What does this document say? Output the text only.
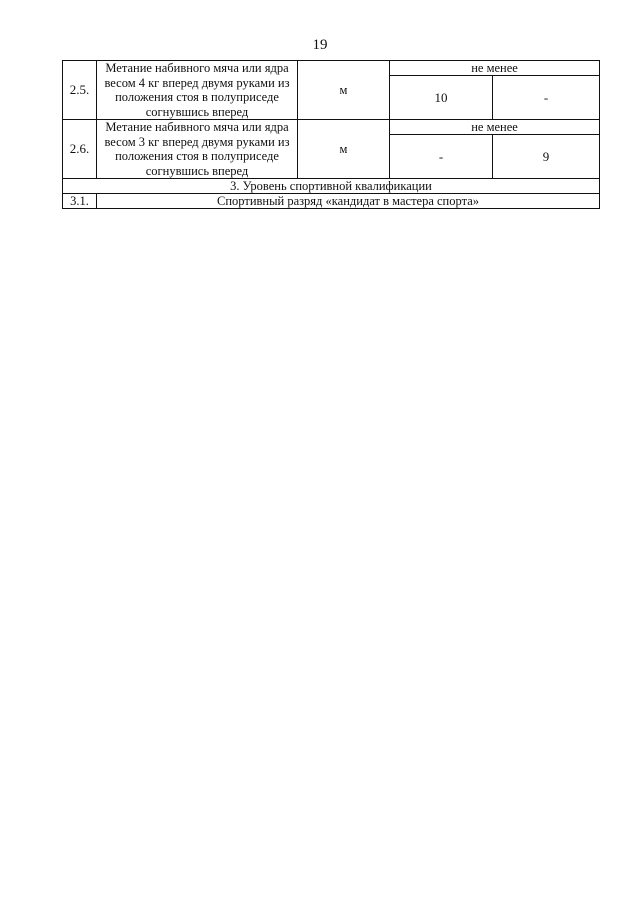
19
2.5.	Метание набивного мяча или ядра весом 4 кг вперед двумя руками из положения стоя в полуприседе согнувшись вперед	м	не менее	
			10	-
2.6.	Метание набивного мяча или ядра весом 3 кг вперед двумя руками из положения стоя в полуприседе согнувшись вперед	м	не менее	
			-	9
3. Уровень спортивной квалификации				
3.1.	Спортивный разряд «кандидат в мастера спорта»			
